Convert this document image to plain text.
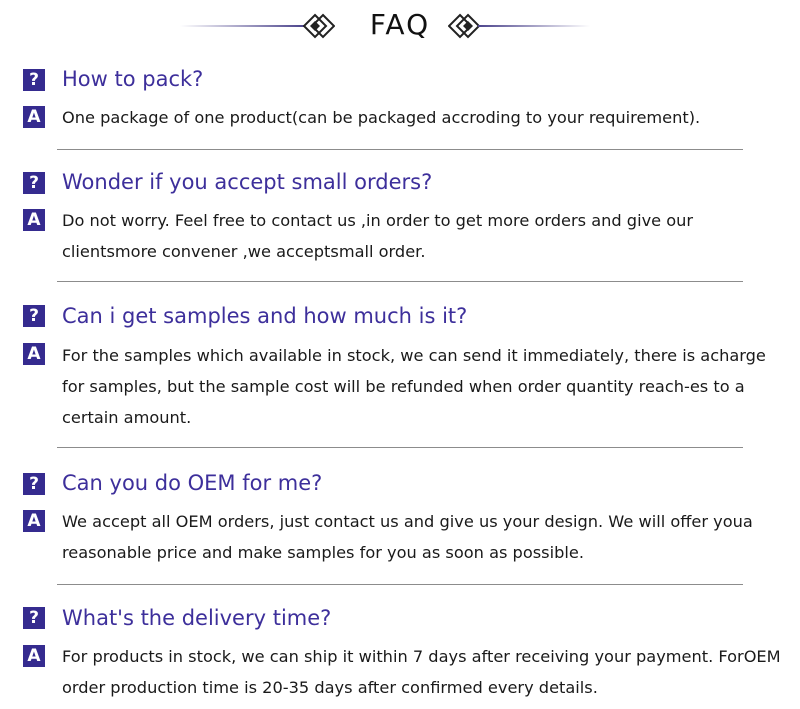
FAQ
? How to pack?
A One package of one product(can be packaged accroding to your requirement).
? Wonder if you accept small orders?
A Do not worry. Feel free to contact us ,in order to get more orders and give our
clientsmore convener ,we acceptsmall order.
? Can i get samples and how much is it?
A For the samples which available in stock, we can send it immediately, there is acharge
for samples, but the sample cost will be refunded when order quantity reach-es to a
certain amount.
? Can you do OEM for me?
A We accept all OEM orders, just contact us and give us your design. We will offer youa
reasonable price and make samples for you as soon as possible.
? What's the delivery time?
A For products in stock, we can ship it within 7 days after receiving your payment. ForOEM
order production time is 20-35 days after confirmed every details.
